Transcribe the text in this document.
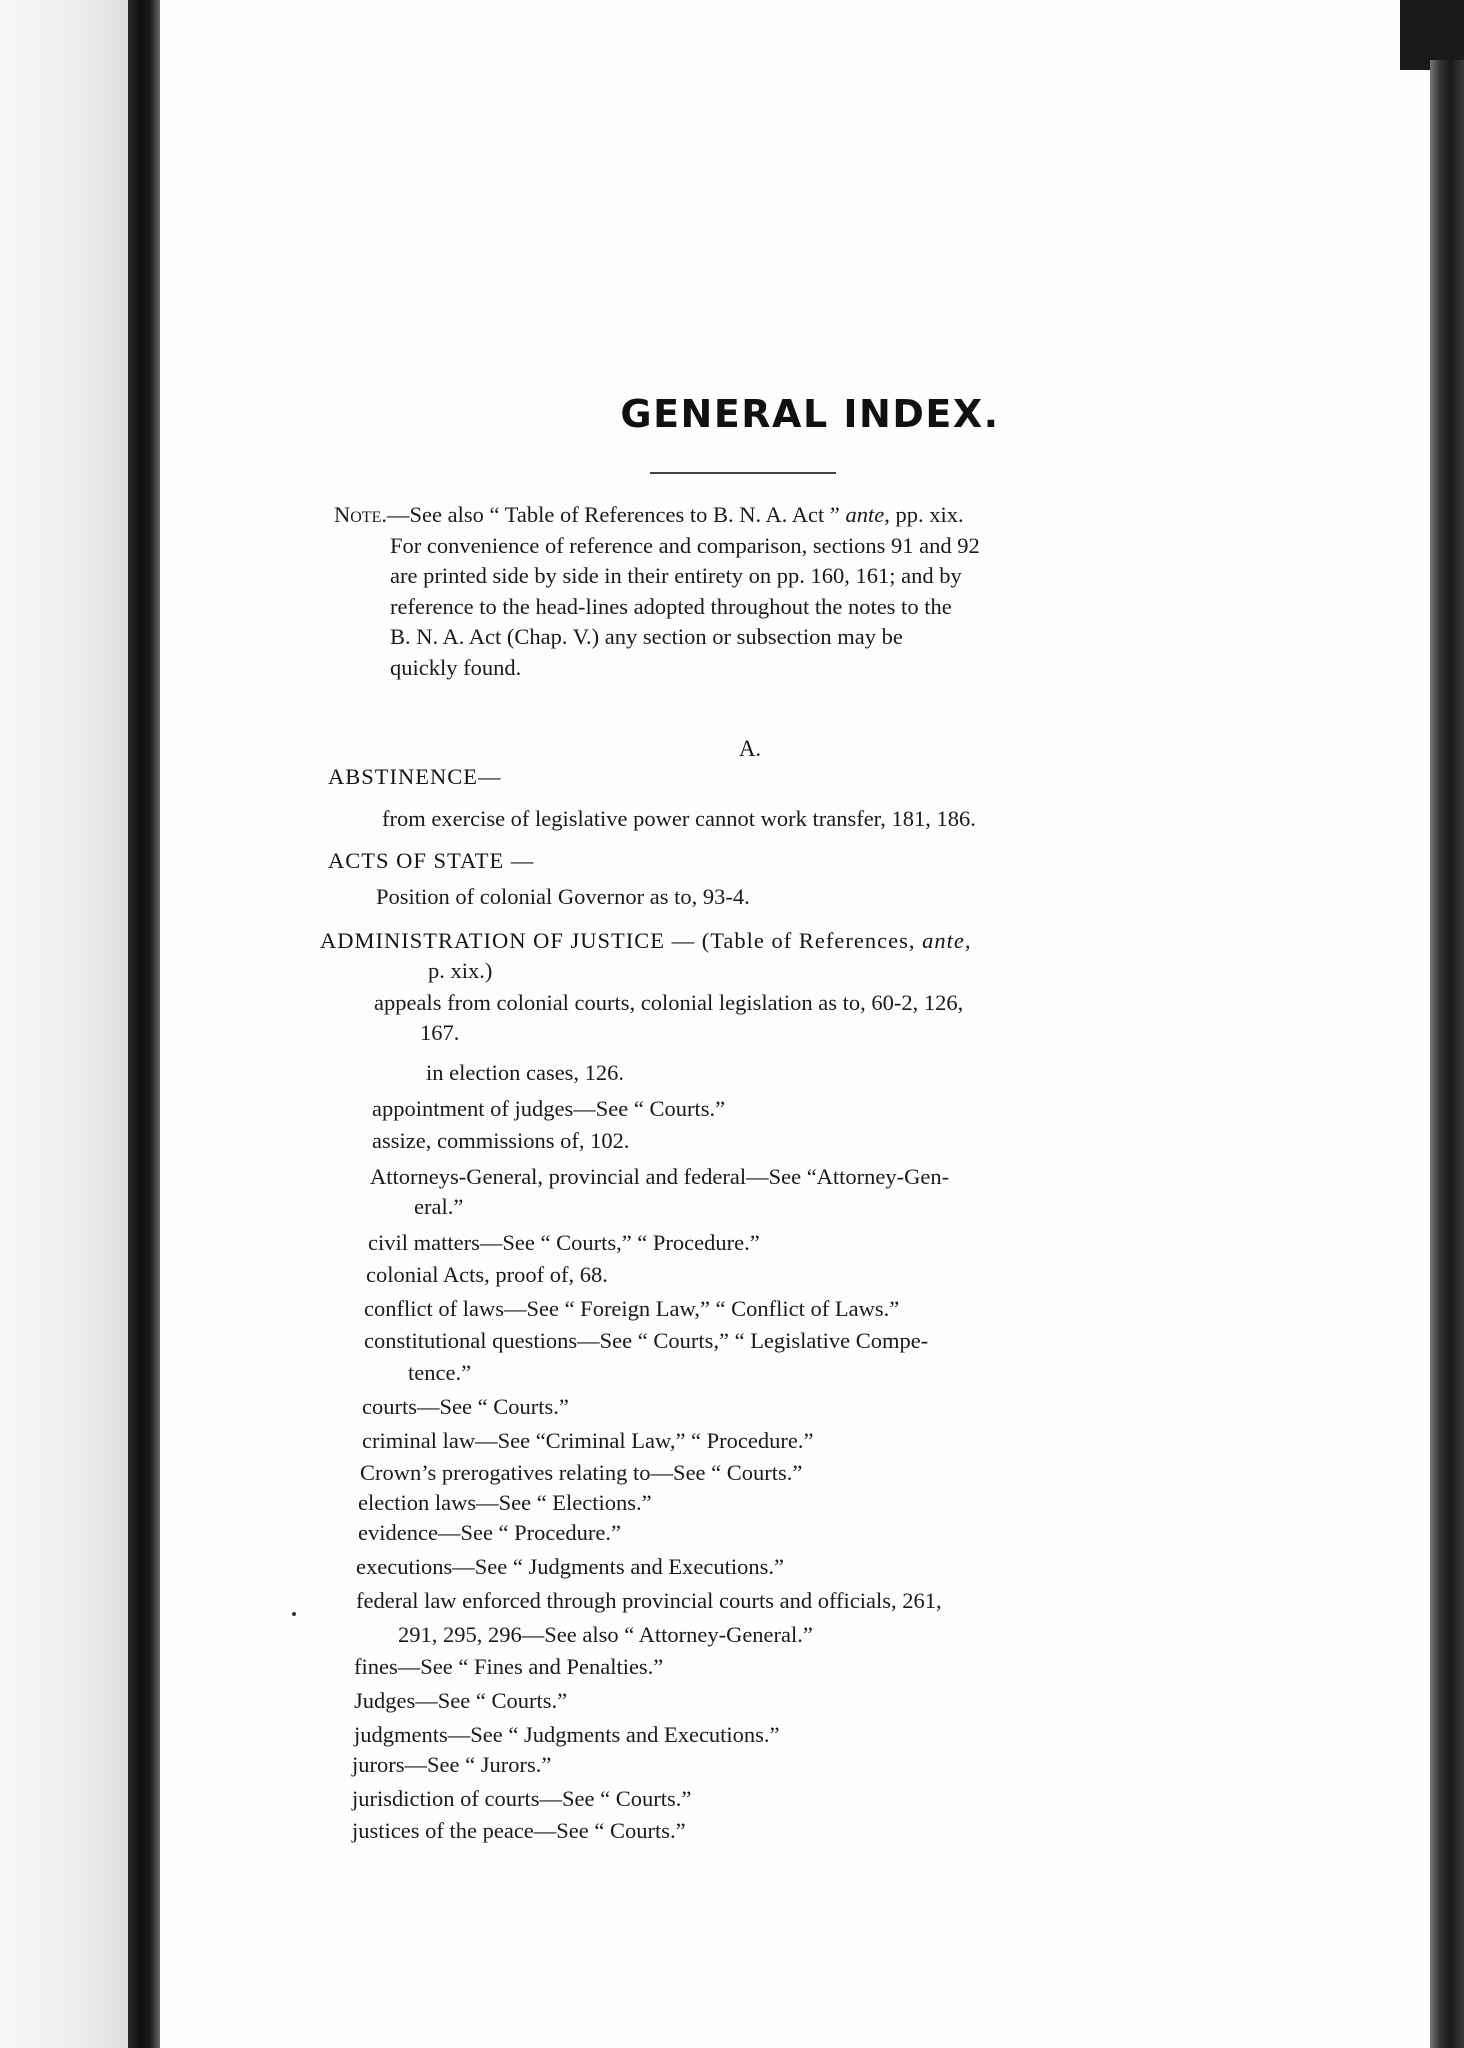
GENERAL INDEX.
Note.—See also “ Table of References to B. N. A. Act ” ante, pp. xix.
For convenience of reference and comparison, sections 91 and 92
are printed side by side in their entirety on pp. 160, 161; and by
reference to the head-lines adopted throughout the notes to the
B. N. A. Act (Chap. V.) any section or subsection may be
quickly found.
A.
ABSTINENCE—
from exercise of legislative power cannot work transfer, 181, 186.
ACTS OF STATE —
Position of colonial Governor as to, 93-4.
ADMINISTRATION OF JUSTICE — (Table of References, ante,
p. xix.)
appeals from colonial courts, colonial legislation as to, 60-2, 126,
167.
in election cases, 126.
appointment of judges—See “ Courts.”
assize, commissions of, 102.
Attorneys-General, provincial and federal—See “Attorney-Gen-
eral.”
civil matters—See “ Courts,” “ Procedure.”
colonial Acts, proof of, 68.
conflict of laws—See “ Foreign Law,” “ Conflict of Laws.”
constitutional questions—See “ Courts,” “ Legislative Compe-
tence.”
courts—See “ Courts.”
criminal law—See “Criminal Law,” “ Procedure.”
Crown’s prerogatives relating to—See “ Courts.”
election laws—See “ Elections.”
evidence—See “ Procedure.”
executions—See “ Judgments and Executions.”
federal law enforced through provincial courts and officials, 261,
291, 295, 296—See also “ Attorney-General.”
fines—See “ Fines and Penalties.”
Judges—See “ Courts.”
judgments—See “ Judgments and Executions.”
jurors—See “ Jurors.”
jurisdiction of courts—See “ Courts.”
justices of the peace—See “ Courts.”
